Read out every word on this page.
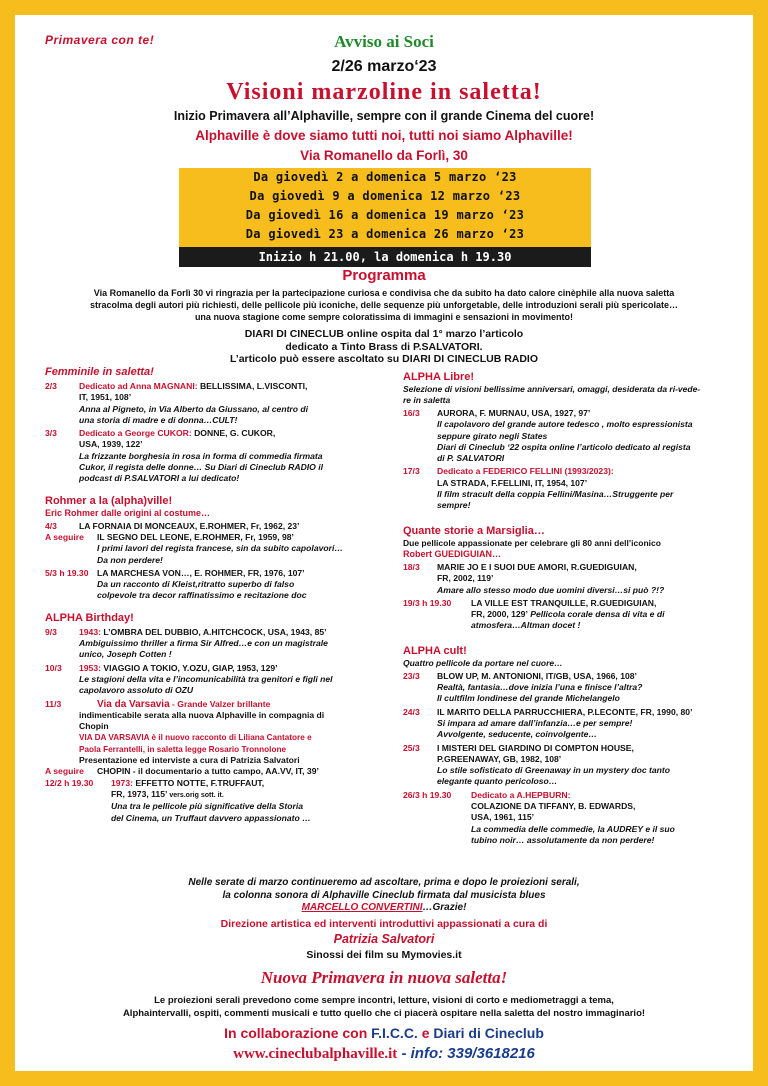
Primavera con te!	Avviso ai Soci
2/26 marzo‘23
Visioni marzoline in saletta!
Inizio Primavera all’Alphaville, sempre con il grande Cinema del cuore!
Alphaville è dove siamo tutti noi, tutti noi siamo Alphaville!
Via Romanello da Forlì, 30
Da giovedì 2 a domenica 5 marzo ‘23
Da giovedì 9 a domenica 12 marzo ‘23
Da giovedì 16 a domenica 19 marzo ‘23
Da giovedì 23 a domenica 26 marzo ‘23
Inizio h 21.00, la domenica h 19.30
Programma
Via Romanello da Forlì 30 vi ringrazia per la partecipazione curiosa e condivisa che da subito ha dato calore cinèphile alla nuova saletta
stracolma degli autori più richiesti, delle pellicole più iconiche, delle sequenze più unforgetable, delle introduzioni serali più spericolate…
una nuova stagione come sempre coloratissima di immagini e sensazioni in movimento!
DIARI DI CINECLUB online ospita dal 1° marzo l’articolo
dedicato a Tinto Brass di P.SALVATORI.
L’articolo può essere ascoltato su DIARI DI CINECLUB RADIO
Femminile in saletta!
2/3	Dedicato ad Anna MAGNANI: BELLISSIMA, L.VISCONTI,
IT, 1951, 108’
Anna al Pigneto, in Via Alberto da Giussano, al centro di
una storia di madre e di donna…CULT!
3/3	Dedicato a George CUKOR: DONNE, G. CUKOR,
USA, 1939, 122’
La frizzante borghesia in rosa in forma di commedia firmata
Cukor, il regista delle donne… Su Diari di Cineclub RADIO il
podcast di P.SALVATORI a lui dedicato!
Rohmer a la (alpha)ville!
Eric Rohmer dalle origini al costume…
4/3	LA FORNAIA DI MONCEAUX, E.ROHMER, Fr, 1962, 23’
A seguire IL SEGNO DEL LEONE, E.ROHMER, Fr, 1959, 98’
I primi lavori del regista francese, sin da subito capolavori…
Da non perdere!
5/3 h 19.30 LA MARCHESA VON…, E. ROHMER, FR, 1976, 107’
Da un racconto di Kleist,ritratto superbo di falso
colpevole tra decor raffinatissimo e recitazione doc
ALPHA Birthday!
9/3	1943: L’OMBRA DEL DUBBIO, A.HITCHCOCK, USA, 1943, 85’
Ambiguissimo thriller a firma Sir Alfred…e con un magistrale
unico, Joseph Cotten !
10/3 1953: VIAGGIO A TOKIO, Y.OZU, GIAP, 1953, 129’
Le stagioni della vita e l’incomunicabilità tra genitori e figli nel
capolavoro assoluto di OZU
11/3	Via da Varsavia - Grande Valzer brillante
indimenticabile serata alla nuova Alphaville in compagnia di
Chopin
VIA DA VARSAVIA è il nuovo racconto di Liliana Cantatore e
Paola Ferrantelli, in saletta legge Rosario Tronnolone
Presentazione ed interviste a cura di Patrizia Salvatori
A seguire CHOPIN - il documentario a tutto campo, AA.VV, IT, 39’
12/2 h 19.30 1973: EFFETTO NOTTE, F.TRUFFAUT,
FR, 1973, 115’ vers.orig sott. it.
Una tra le pellicole più significative della Storia
del Cinema, un Truffaut davvero appassionato …
ALPHA Libre!
Selezione di visioni bellissime anniversari, omaggi, desiderata da ri-vede-
re in saletta
16/3 AURORA, F. MURNAU, USA, 1927, 97’
Il capolavoro del grande autore tedesco , molto espressionista
seppure girato negli States
Diari di Cineclub ‘22 ospita online l’articolo dedicato al regista
di P. SALVATORI
17/3 Dedicato a FEDERICO FELLINI (1993/2023):
LA STRADA, F.FELLINI, IT, 1954, 107’
Il film stracult della coppia Fellini/Masina…Struggente per
sempre!
Quante storie a Marsiglia…
Due pellicole appassionate per celebrare gli 80 anni dell’iconico
Robert GUEDIGUIAN…
18/3 MARIE JO E I SUOI DUE AMORI, R.GUEDIGUIAN,
FR, 2002, 119’
Amare allo stesso modo due uomini diversi…si può ?!?
19/3 h 19.30 LA VILLE EST TRANQUILLE, R.GUEDIGUIAN,
FR, 2000, 129’ Pellicola corale densa di vita e di
atmosfera…Altman docet !
ALPHA cult!
Quattro pellicole da portare nel cuore…
23/3 BLOW UP, M. ANTONIONI, IT/GB, USA, 1966, 108’
Realtà, fantasia…dove inizia l’una e finisce l’altra?
Il cultfilm londinese del grande Michelangelo
24/3 IL MARITO DELLA PARRUCCHIERA, P.LECONTE, FR, 1990, 80’
Si impara ad amare dall’infanzia…e per sempre!
Avvolgente, seducente, coinvolgente…
25/3 I MISTERI DEL GIARDINO DI COMPTON HOUSE,
P.GREENAWAY, GB, 1982, 108’
Lo stile sofisticato di Greenaway in un mystery doc tanto
elegante quanto pericoloso…
26/3 h 19.30 Dedicato a A.HEPBURN:
COLAZIONE DA TIFFANY, B. EDWARDS,
USA, 1961, 115’
La commedia delle commedie, la AUDREY e il suo
tubino noir… assolutamente da non perdere!
Nelle serate di marzo continueremo ad ascoltare, prima e dopo le proiezioni serali,
la colonna sonora di Alphaville Cineclub firmata dal musicista blues
MARCELLO CONVERTINI…Grazie!
Direzione artistica ed interventi introduttivi appassionati a cura di
Patrizia Salvatori
Sinossi dei film su Mymovies.it
Nuova Primavera in nuova saletta!
Le proiezioni serali prevedono come sempre incontri, letture, visioni di corto e mediometraggi a tema,
Alphaintervalli, ospiti, commenti musicali e tutto quello che ci piacerà ospitare nella saletta del nostro immaginario!
In collaborazione con F.I.C.C. e Diari di Cineclub
www.cineclubalphaville.it - info: 339/3618216
